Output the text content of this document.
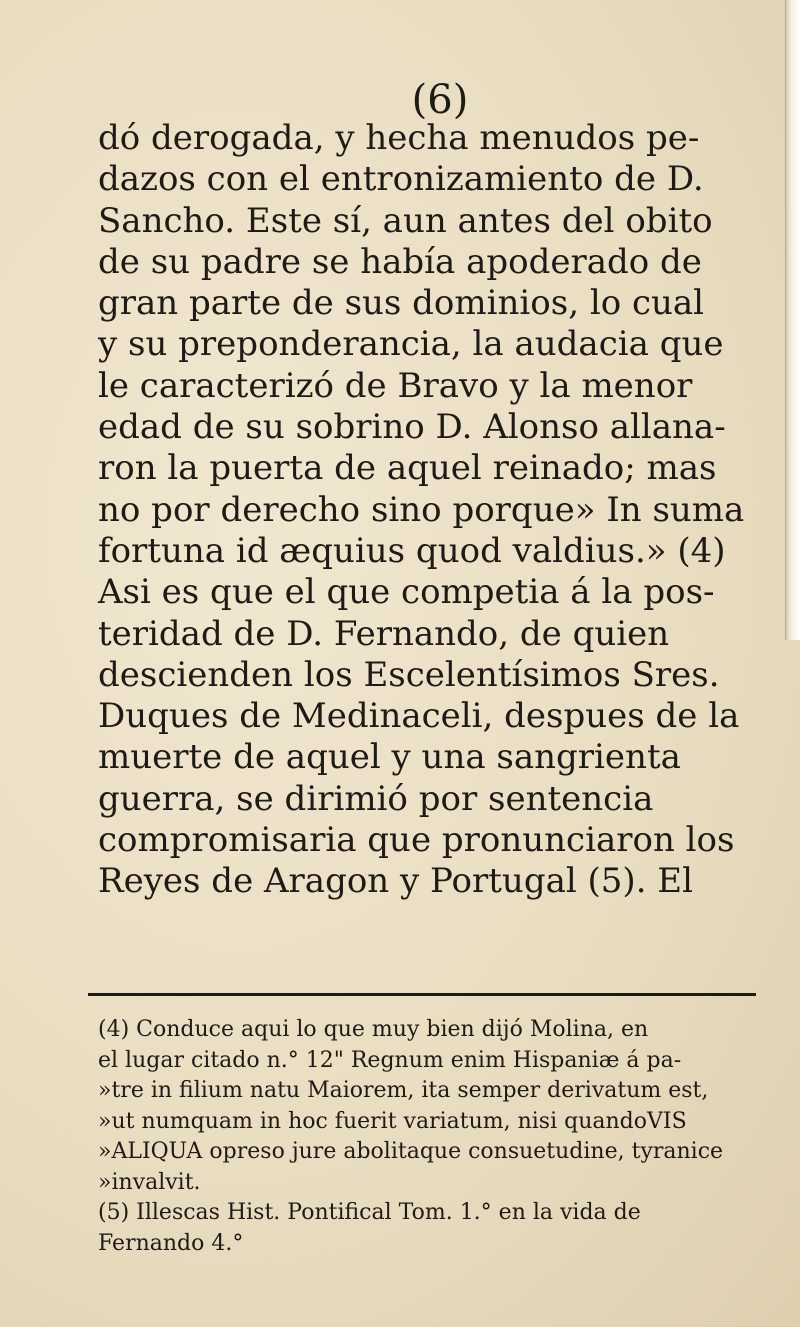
(6)
dó derogada, y hecha menudos pe-
dazos con el entronizamiento de D.
Sancho. Este sí, aun antes del obito
de su padre se había apoderado de
gran parte de sus dominios, lo cual
y su preponderancia, la audacia que
le caracterizó de Bravo y la menor
edad de su sobrino D. Alonso allana-
ron la puerta de aquel reinado; mas
no por derecho sino porque» In suma
fortuna id æquius quod valdius.» (4)
Asi es que el que competia á la pos-
teridad de D. Fernando, de quien
descienden los Escelentísimos Sres.
Duques de Medinaceli, despues de la
muerte de aquel y una sangrienta
guerra, se dirimió por sentencia
compromisaria que pronunciaron los
Reyes de Aragon y Portugal (5). El
(4) Conduce aqui lo que muy bien dijó Molina, en
el lugar citado n.° 12" Regnum enim Hispaniæ á pa-
»tre in filium natu Maiorem, ita semper derivatum est,
»ut numquam in hoc fuerit variatum, nisi quandoVIS
»ALIQUA opreso jure abolitaque consuetudine, tyranice
»invalvit.
(5) Illescas Hist. Pontifical Tom. 1.° en la vida de
Fernando 4.°
